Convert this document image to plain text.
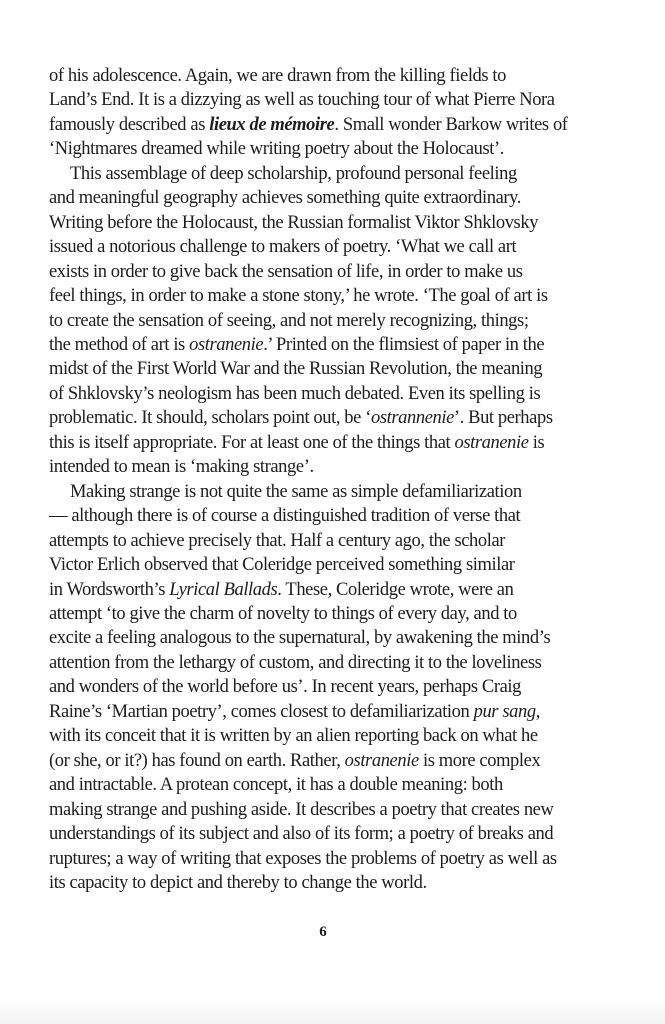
of his adolescence. Again, we are drawn from the killing fields to
Land’s End. It is a dizzying as well as touching tour of what Pierre Nora
famously described as lieux de mémoire. Small wonder Barkow writes of
‘Nightmares dreamed while writing poetry about the Holocaust’.
This assemblage of deep scholarship, profound personal feeling
and meaningful geography achieves something quite extraordinary.
Writing before the Holocaust, the Russian formalist Viktor Shklovsky
issued a notorious challenge to makers of poetry. ‘What we call art
exists in order to give back the sensation of life, in order to make us
feel things, in order to make a stone stony,’ he wrote. ‘The goal of art is
to create the sensation of seeing, and not merely recognizing, things;
the method of art is ostranenie.’ Printed on the flimsiest of paper in the
midst of the First World War and the Russian Revolution, the meaning
of Shklovsky’s neologism has been much debated. Even its spelling is
problematic. It should, scholars point out, be ‘ostrannenie’. But perhaps
this is itself appropriate. For at least one of the things that ostranenie is
intended to mean is ‘making strange’.
Making strange is not quite the same as simple defamiliarization
— although there is of course a distinguished tradition of verse that
attempts to achieve precisely that. Half a century ago, the scholar
Victor Erlich observed that Coleridge perceived something similar
in Wordsworth’s Lyrical Ballads. These, Coleridge wrote, were an
attempt ‘to give the charm of novelty to things of every day, and to
excite a feeling analogous to the supernatural, by awakening the mind’s
attention from the lethargy of custom, and directing it to the loveliness
and wonders of the world before us’. In recent years, perhaps Craig
Raine’s ‘Martian poetry’, comes closest to defamiliarization pur sang,
with its conceit that it is written by an alien reporting back on what he
(or she, or it?) has found on earth. Rather, ostranenie is more complex
and intractable. A protean concept, it has a double meaning: both
making strange and pushing aside. It describes a poetry that creates new
understandings of its subject and also of its form; a poetry of breaks and
ruptures; a way of writing that exposes the problems of poetry as well as
its capacity to depict and thereby to change the world.
6
